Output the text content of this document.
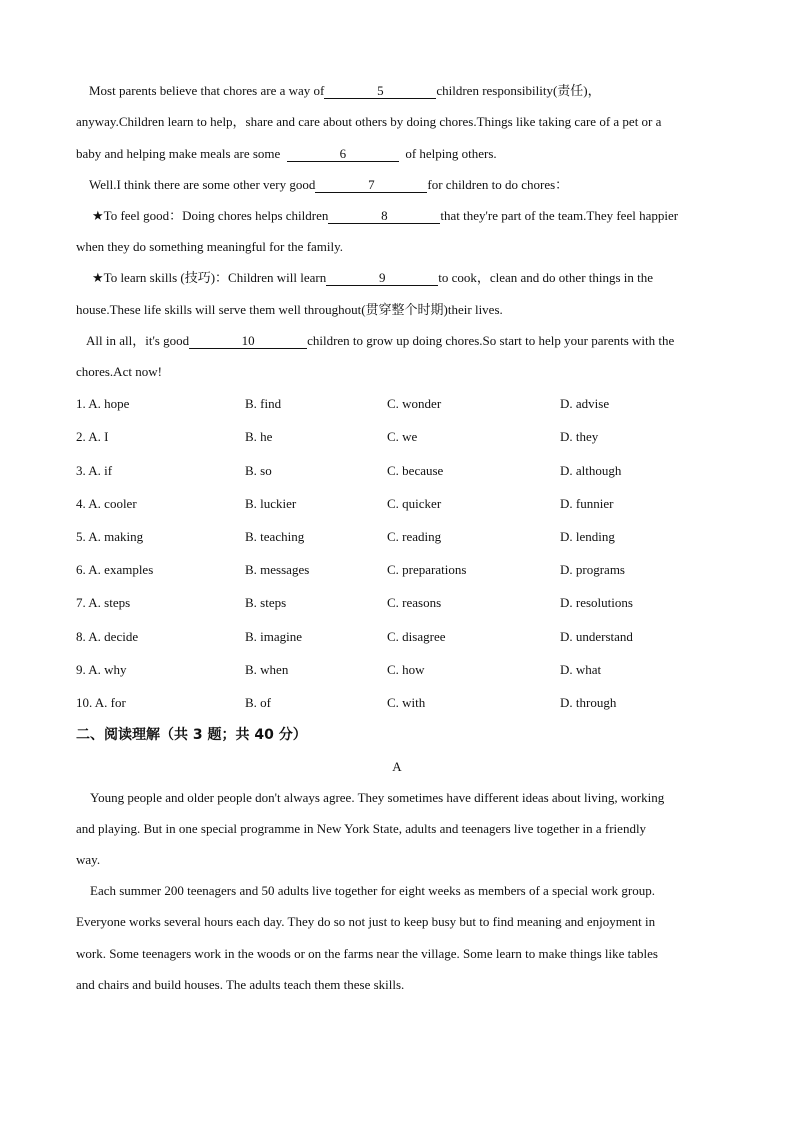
Most parents believe that chores are a way of	5	children responsibility(责任)，
anyway.Children learn to help，share and care about others by doing chores.Things like taking care of a pet or a
baby and helping make meals are some	6	of helping others.
Well.I think there are some other very good	7	for children to do chores：
★To feel good：Doing chores helps children	8	that they're part of the team.They feel happier
when they do something meaningful for the family.
★To learn skills (技巧)：Children will learn	9	to cook，clean and do other things in the
house.These life skills will serve them well throughout(贯穿整个时期)their lives.
All in all，it's good	10	children to grow up doing chores.So start to help your parents with the
chores.Act now!
1. A. hope	B. find	C. wonder	D. advise
2. A. I	B. he	C. we	D. they
3. A. if	B. so	C. because	D. although
4. A. cooler	B. luckier	C. quicker	D. funnier
5. A. making	B. teaching	C. reading	D. lending
6. A. examples	B. messages	C. preparations	D. programs
7. A. steps	B. steps	C. reasons	D. resolutions
8. A. decide	B. imagine	C. disagree	D. understand
9. A. why	B. when	C. how	D. what
10. A. for	B. of	C. with	D. through
二、阅读理解（共 3 题；共 40 分）
A
Young people and older people don't always agree. They sometimes have different ideas about living, working
and playing. But in one special programme in New York State, adults and teenagers live together in a friendly
way.
Each summer 200 teenagers and 50 adults live together for eight weeks as members of a special work group.
Everyone works several hours each day. They do so not just to keep busy but to find meaning and enjoyment in
work. Some teenagers work in the woods or on the farms near the village. Some learn to make things like tables
and chairs and build houses. The adults teach them these skills.
